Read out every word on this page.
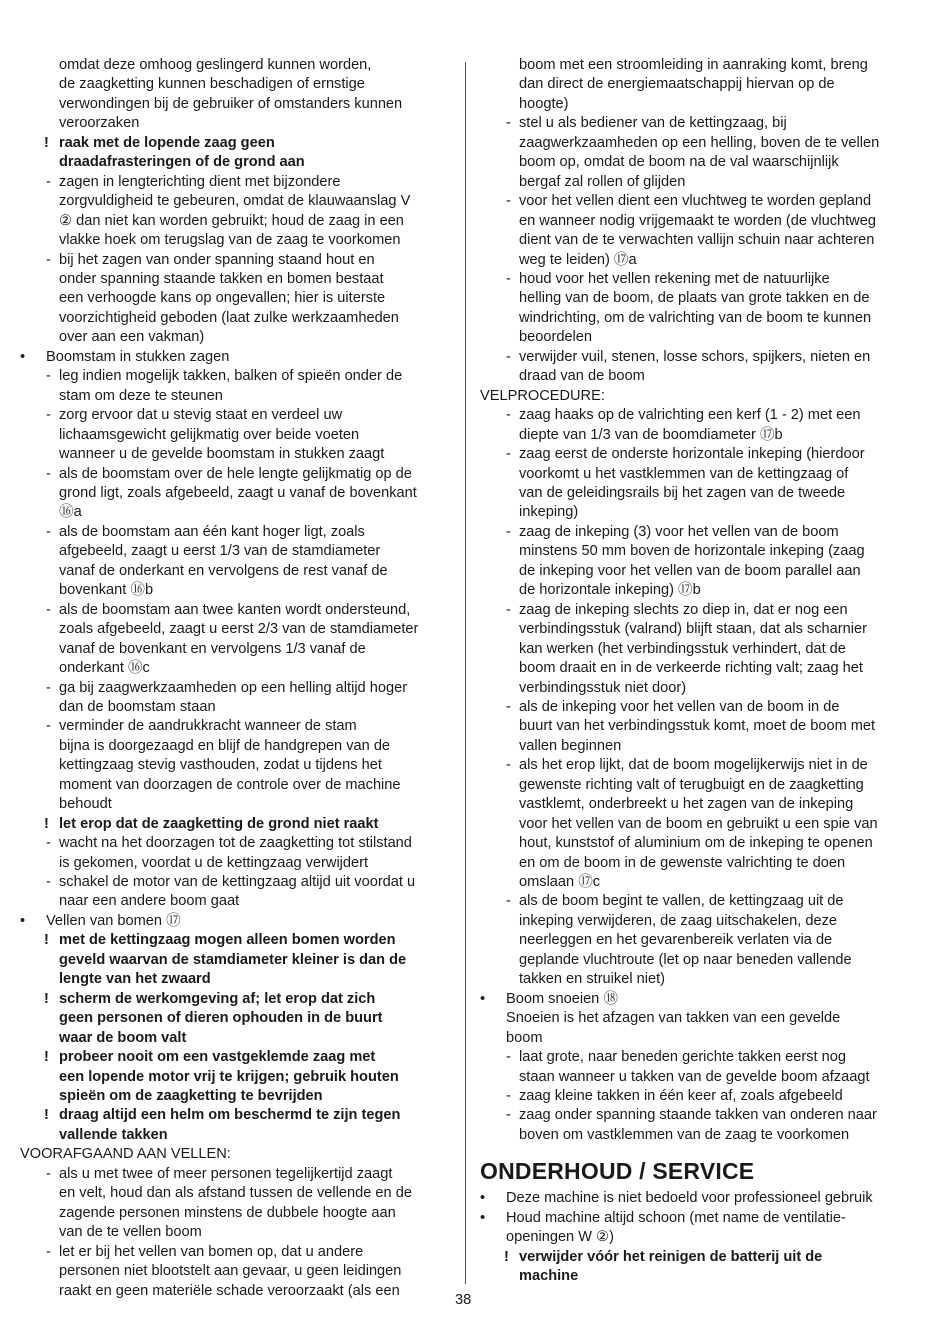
omdat deze omhoog geslingerd kunnen worden,
de zaagketting kunnen beschadigen of ernstige
verwondingen bij de gebruiker of omstanders kunnen
veroorzaken
! raak met de lopende zaag geen
draadafrasteringen of de grond aan
- zagen in lengterichting dient met bijzondere
zorgvuldigheid te gebeuren, omdat de klauwaanslag V
② dan niet kan worden gebruikt; houd de zaag in een
vlakke hoek om terugslag van de zaag te voorkomen
- bij het zagen van onder spanning staand hout en
onder spanning staande takken en bomen bestaat
een verhoogde kans op ongevallen; hier is uiterste
voorzichtigheid geboden (laat zulke werkzaamheden
over aan een vakman)
• Boomstam in stukken zagen
- leg indien mogelijk takken, balken of spieën onder de
stam om deze te steunen
- zorg ervoor dat u stevig staat en verdeel uw
lichaamsgewicht gelijkmatig over beide voeten
wanneer u de gevelde boomstam in stukken zaagt
- als de boomstam over de hele lengte gelijkmatig op de
grond ligt, zoals afgebeeld, zaagt u vanaf de bovenkant
⑯a
- als de boomstam aan één kant hoger ligt, zoals
afgebeeld, zaagt u eerst 1/3 van de stamdiameter
vanaf de onderkant en vervolgens de rest vanaf de
bovenkant ⑯b
- als de boomstam aan twee kanten wordt ondersteund,
zoals afgebeeld, zaagt u eerst 2/3 van de stamdiameter
vanaf de bovenkant en vervolgens 1/3 vanaf de
onderkant ⑯c
- ga bij zaagwerkzaamheden op een helling altijd hoger
dan de boomstam staan
- verminder de aandrukkracht wanneer de stam
bijna is doorgezaagd en blijf de handgrepen van de
kettingzaag stevig vasthouden, zodat u tijdens het
moment van doorzagen de controle over de machine
behoudt
! let erop dat de zaagketting de grond niet raakt
- wacht na het doorzagen tot de zaagketting tot stilstand
is gekomen, voordat u de kettingzaag verwijdert
- schakel de motor van de kettingzaag altijd uit voordat u
naar een andere boom gaat
• Vellen van bomen ⑰
! met de kettingzaag mogen alleen bomen worden
geveld waarvan de stamdiameter kleiner is dan de
lengte van het zwaard
! scherm de werkomgeving af; let erop dat zich
geen personen of dieren ophouden in de buurt
waar de boom valt
! probeer nooit om een vastgeklemde zaag met
een lopende motor vrij te krijgen; gebruik houten
spieën om de zaagketting te bevrijden
! draag altijd een helm om beschermd te zijn tegen
vallende takken
VOORAFGAAND AAN VELLEN:
- als u met twee of meer personen tegelijkertijd zaagt
en velt, houd dan als afstand tussen de vellende en de
zagende personen minstens de dubbele hoogte aan
van de te vellen boom
- let er bij het vellen van bomen op, dat u andere
personen niet blootstelt aan gevaar, u geen leidingen
raakt en geen materiële schade veroorzaakt (als een
boom met een stroomleiding in aanraking komt, breng
dan direct de energiemaatschappij hiervan op de
hoogte)
- stel u als bediener van de kettingzaag, bij
zaagwerkzaamheden op een helling, boven de te vellen
boom op, omdat de boom na de val waarschijnlijk
bergaf zal rollen of glijden
- voor het vellen dient een vluchtweg te worden gepland
en wanneer nodig vrijgemaakt te worden (de vluchtweg
dient van de te verwachten vallijn schuin naar achteren
weg te leiden) ⑰a
- houd voor het vellen rekening met de natuurlijke
helling van de boom, de plaats van grote takken en de
windrichting, om de valrichting van de boom te kunnen
beoordelen
- verwijder vuil, stenen, losse schors, spijkers, nieten en
draad van de boom
VELPROCEDURE:
- zaag haaks op de valrichting een kerf (1 - 2) met een
diepte van 1/3 van de boomdiameter ⑰b
- zaag eerst de onderste horizontale inkeping (hierdoor
voorkomt u het vastklemmen van de kettingzaag of
van de geleidingsrails bij het zagen van de tweede
inkeping)
- zaag de inkeping (3) voor het vellen van de boom
minstens 50 mm boven de horizontale inkeping (zaag
de inkeping voor het vellen van de boom parallel aan
de horizontale inkeping) ⑰b
- zaag de inkeping slechts zo diep in, dat er nog een
verbindingsstuk (valrand) blijft staan, dat als scharnier
kan werken (het verbindingsstuk verhindert, dat de
boom draait en in de verkeerde richting valt; zaag het
verbindingsstuk niet door)
- als de inkeping voor het vellen van de boom in de
buurt van het verbindingsstuk komt, moet de boom met
vallen beginnen
- als het erop lijkt, dat de boom mogelijkerwijs niet in de
gewenste richting valt of terugbuigt en de zaagketting
vastklemt, onderbreekt u het zagen van de inkeping
voor het vellen van de boom en gebruikt u een spie van
hout, kunststof of aluminium om de inkeping te openen
en om de boom in de gewenste valrichting te doen
omslaan ⑰c
- als de boom begint te vallen, de kettingzaag uit de
inkeping verwijderen, de zaag uitschakelen, deze
neerleggen en het gevarenbereik verlaten via de
geplande vluchtroute (let op naar beneden vallende
takken en struikel niet)
• Boom snoeien ⑱
Snoeien is het afzagen van takken van een gevelde
boom
- laat grote, naar beneden gerichte takken eerst nog
staan wanneer u takken van de gevelde boom afzaagt
- zaag kleine takken in één keer af, zoals afgebeeld
- zaag onder spanning staande takken van onderen naar
boven om vastklemmen van de zaag te voorkomen
ONDERHOUD / SERVICE
• Deze machine is niet bedoeld voor professioneel gebruik
• Houd machine altijd schoon (met name de ventilatie-
openingen W ②)
! verwijder vóór het reinigen de batterij uit de
machine
38
